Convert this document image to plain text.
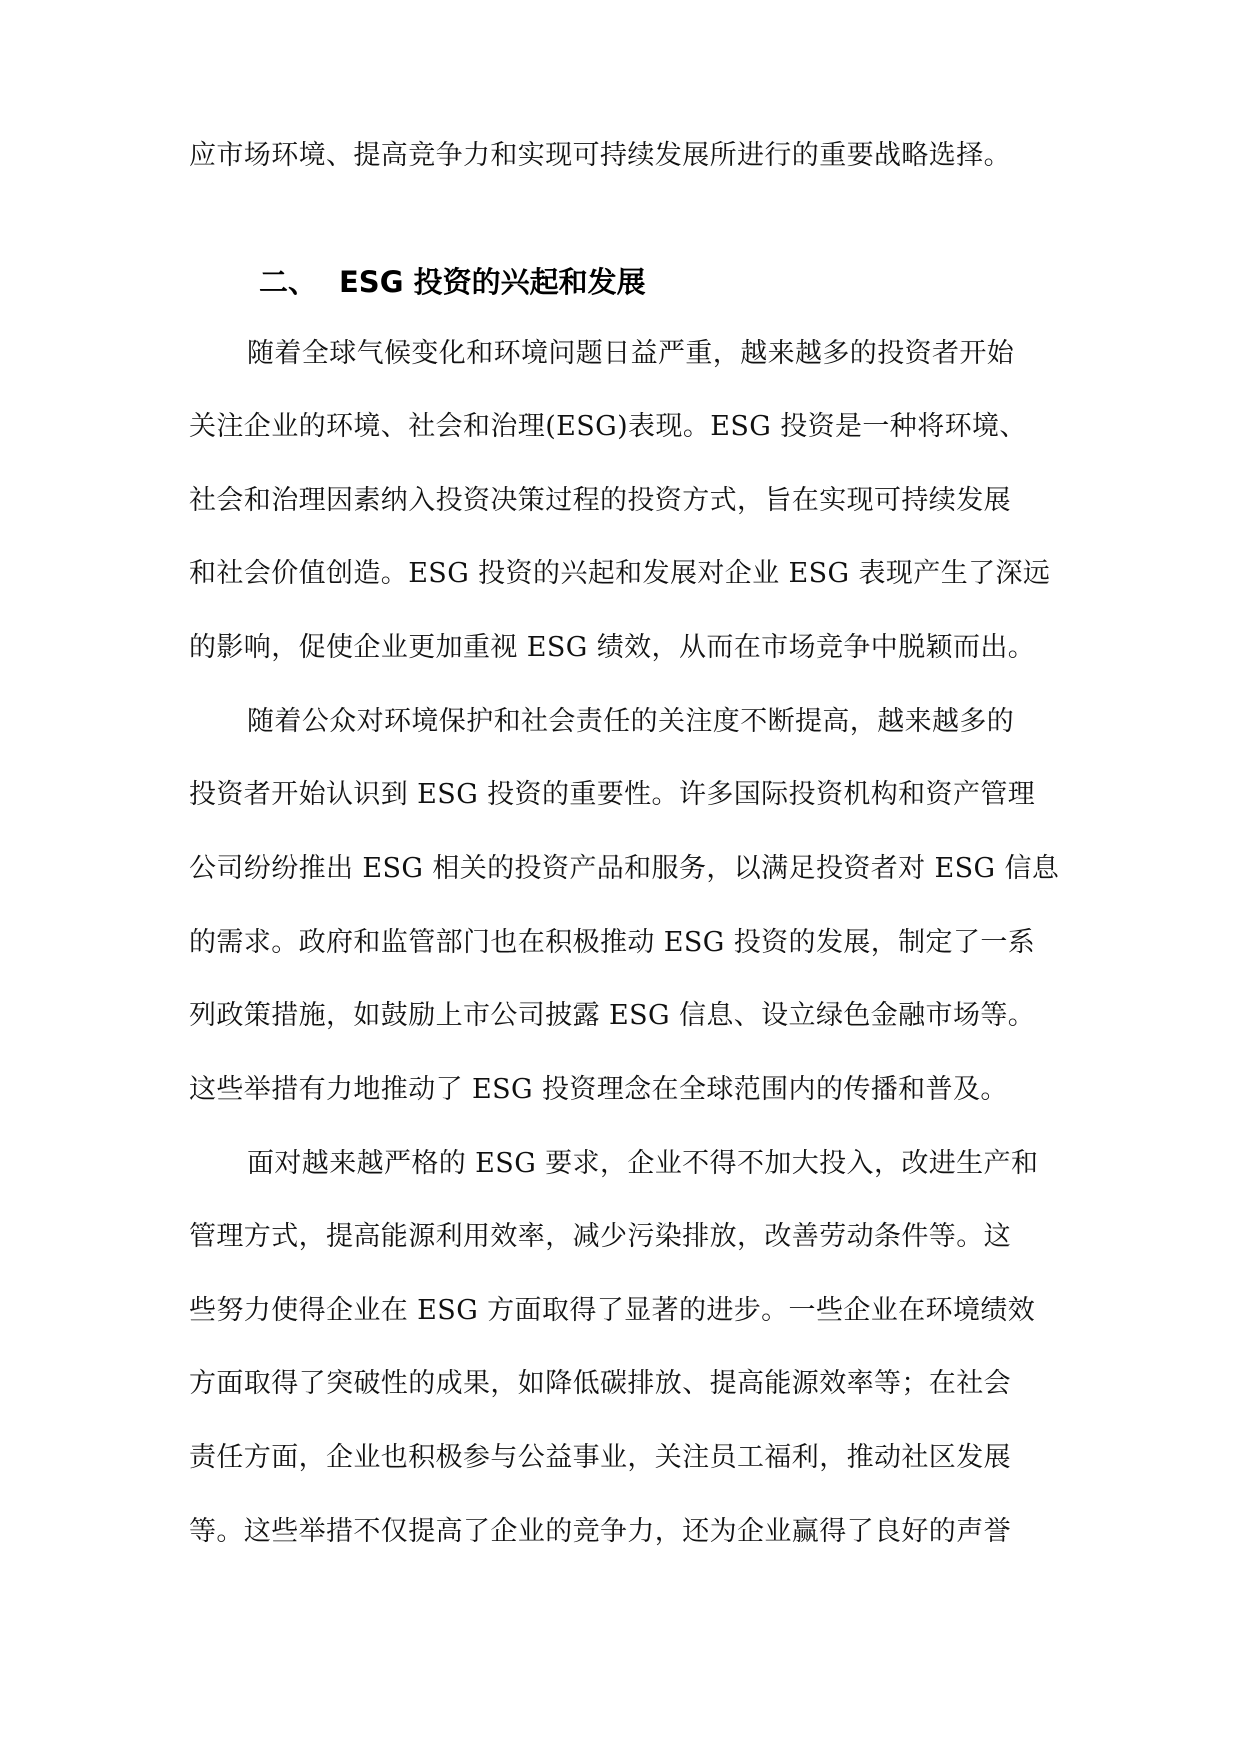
应市场环境、提高竞争力和实现可持续发展所进行的重要战略选择。
随着全球气候变化和环境问题日益严重，越来越多的投资者开始
关注企业的环境、社会和治理(ESG)表现。ESG 投资是一种将环境、
社会和治理因素纳入投资决策过程的投资方式，旨在实现可持续发展
和社会价值创造。ESG 投资的兴起和发展对企业 ESG 表现产生了深远
的影响，促使企业更加重视 ESG 绩效，从而在市场竞争中脱颖而出。
随着公众对环境保护和社会责任的关注度不断提高，越来越多的
投资者开始认识到 ESG 投资的重要性。许多国际投资机构和资产管理
公司纷纷推出 ESG 相关的投资产品和服务，以满足投资者对 ESG 信息
的需求。政府和监管部门也在积极推动 ESG 投资的发展，制定了一系
列政策措施，如鼓励上市公司披露 ESG 信息、设立绿色金融市场等。
这些举措有力地推动了 ESG 投资理念在全球范围内的传播和普及。
面对越来越严格的 ESG 要求，企业不得不加大投入，改进生产和
管理方式，提高能源利用效率，减少污染排放，改善劳动条件等。这
些努力使得企业在 ESG 方面取得了显著的进步。一些企业在环境绩效
方面取得了突破性的成果，如降低碳排放、提高能源效率等；在社会
责任方面，企业也积极参与公益事业，关注员工福利，推动社区发展
等。这些举措不仅提高了企业的竞争力，还为企业赢得了良好的声誉
二、 ESG 投资的兴起和发展
